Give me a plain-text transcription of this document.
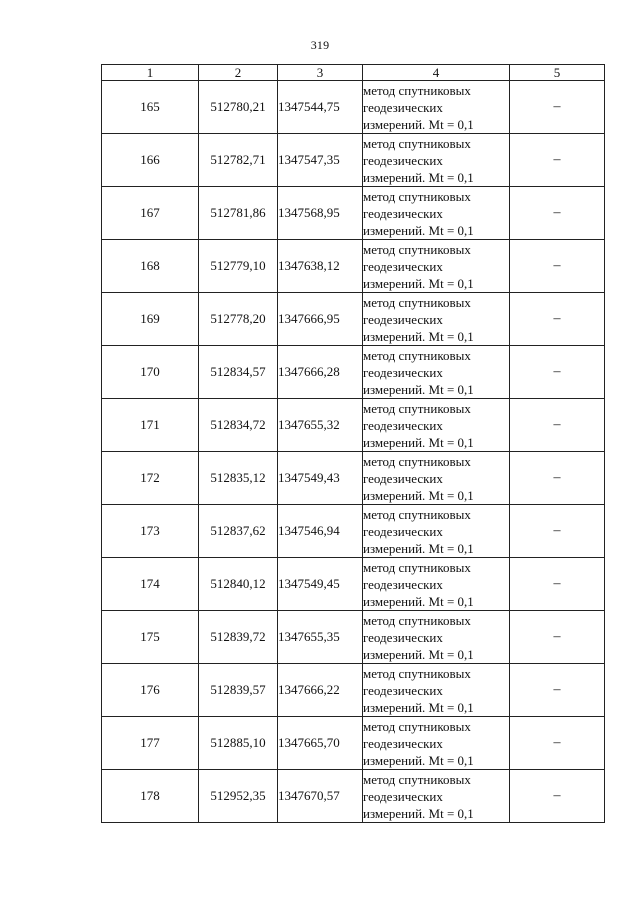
319
1	2	3	4	5
165	512780,21	1347544,75	метод спутниковых
геодезических
измерений. Mt = 0,1	–
166	512782,71	1347547,35	метод спутниковых
геодезических
измерений. Mt = 0,1	–
167	512781,86	1347568,95	метод спутниковых
геодезических
измерений. Mt = 0,1	–
168	512779,10	1347638,12	метод спутниковых
геодезических
измерений. Mt = 0,1	–
169	512778,20	1347666,95	метод спутниковых
геодезических
измерений. Mt = 0,1	–
170	512834,57	1347666,28	метод спутниковых
геодезических
измерений. Mt = 0,1	–
171	512834,72	1347655,32	метод спутниковых
геодезических
измерений. Mt = 0,1	–
172	512835,12	1347549,43	метод спутниковых
геодезических
измерений. Mt = 0,1	–
173	512837,62	1347546,94	метод спутниковых
геодезических
измерений. Mt = 0,1	–
174	512840,12	1347549,45	метод спутниковых
геодезических
измерений. Mt = 0,1	–
175	512839,72	1347655,35	метод спутниковых
геодезических
измерений. Mt = 0,1	–
176	512839,57	1347666,22	метод спутниковых
геодезических
измерений. Mt = 0,1	–
177	512885,10	1347665,70	метод спутниковых
геодезических
измерений. Mt = 0,1	–
178	512952,35	1347670,57	метод спутниковых
геодезических
измерений. Mt = 0,1	–
